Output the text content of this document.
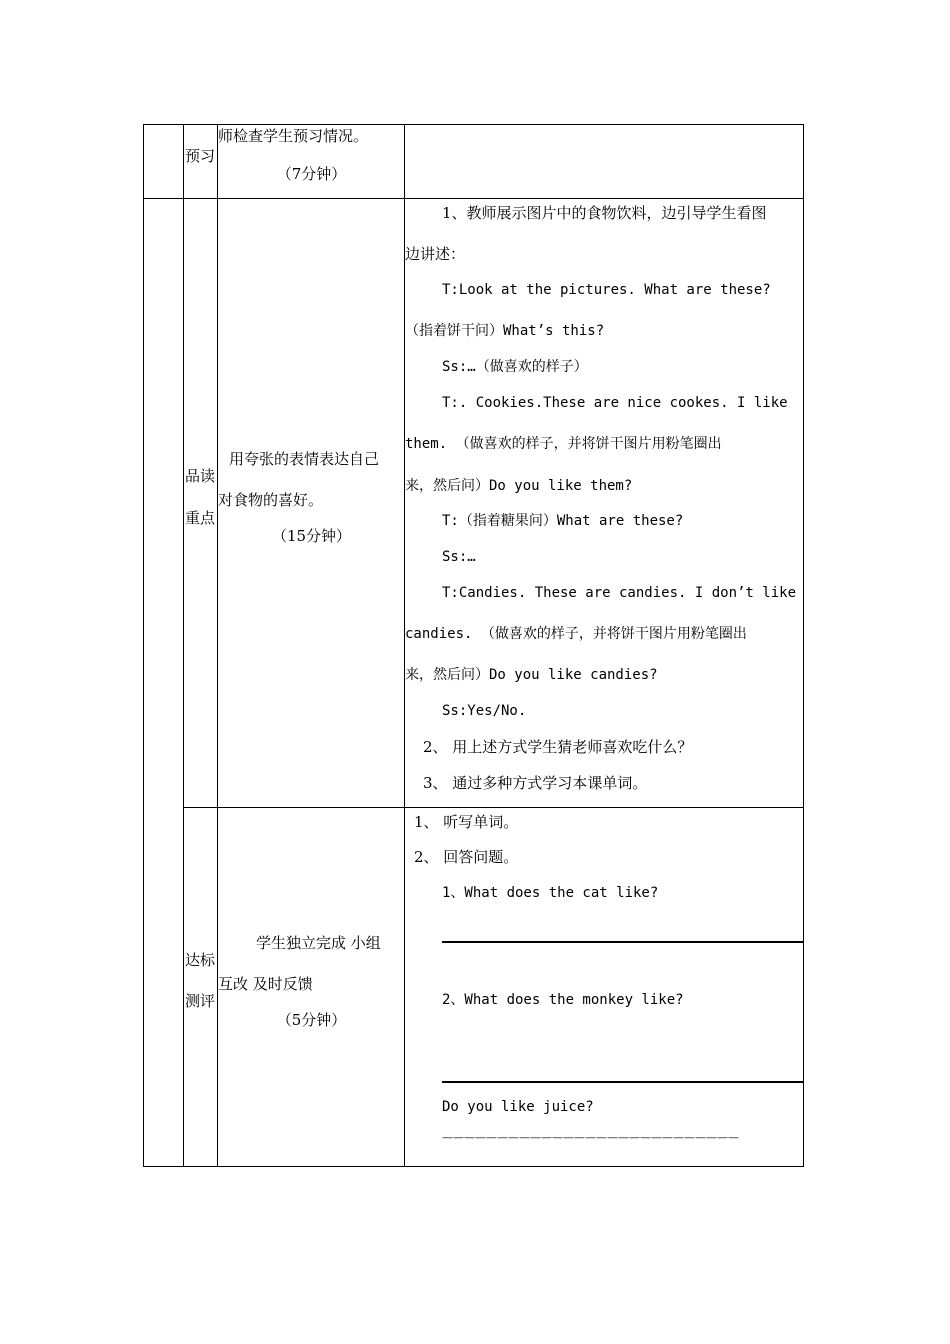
预习
师检查学生预习情况。
（7分钟）
品读
重点
用夸张的表情表达自己
对食物的喜好。
（15分钟）
1、教师展示图片中的食物饮料，边引导学生看图
边讲述：
T:Look at the pictures. What are these?
（指着饼干问）What’s this?
Ss:…（做喜欢的样子）
T:. Cookies.These are nice cookes. I like
them. （做喜欢的样子，并将饼干图片用粉笔圈出
来，然后问）Do you like them?
T:（指着糖果问）What are these?
Ss:…
T:Candies. These are candies. I don’t like
candies. （做喜欢的样子，并将饼干图片用粉笔圈出
来，然后问）Do you like candies?
Ss:Yes/No.
2、 用上述方式学生猜老师喜欢吃什么？
3、 通过多种方式学习本课单词。
达标
测评
学生独立完成 小组
互改 及时反馈
（5分钟）
1、 听写单词。
2、 回答问题。
1、What does the cat like?
2、What does the monkey like?
Do you like juice?
———————————————————————————
